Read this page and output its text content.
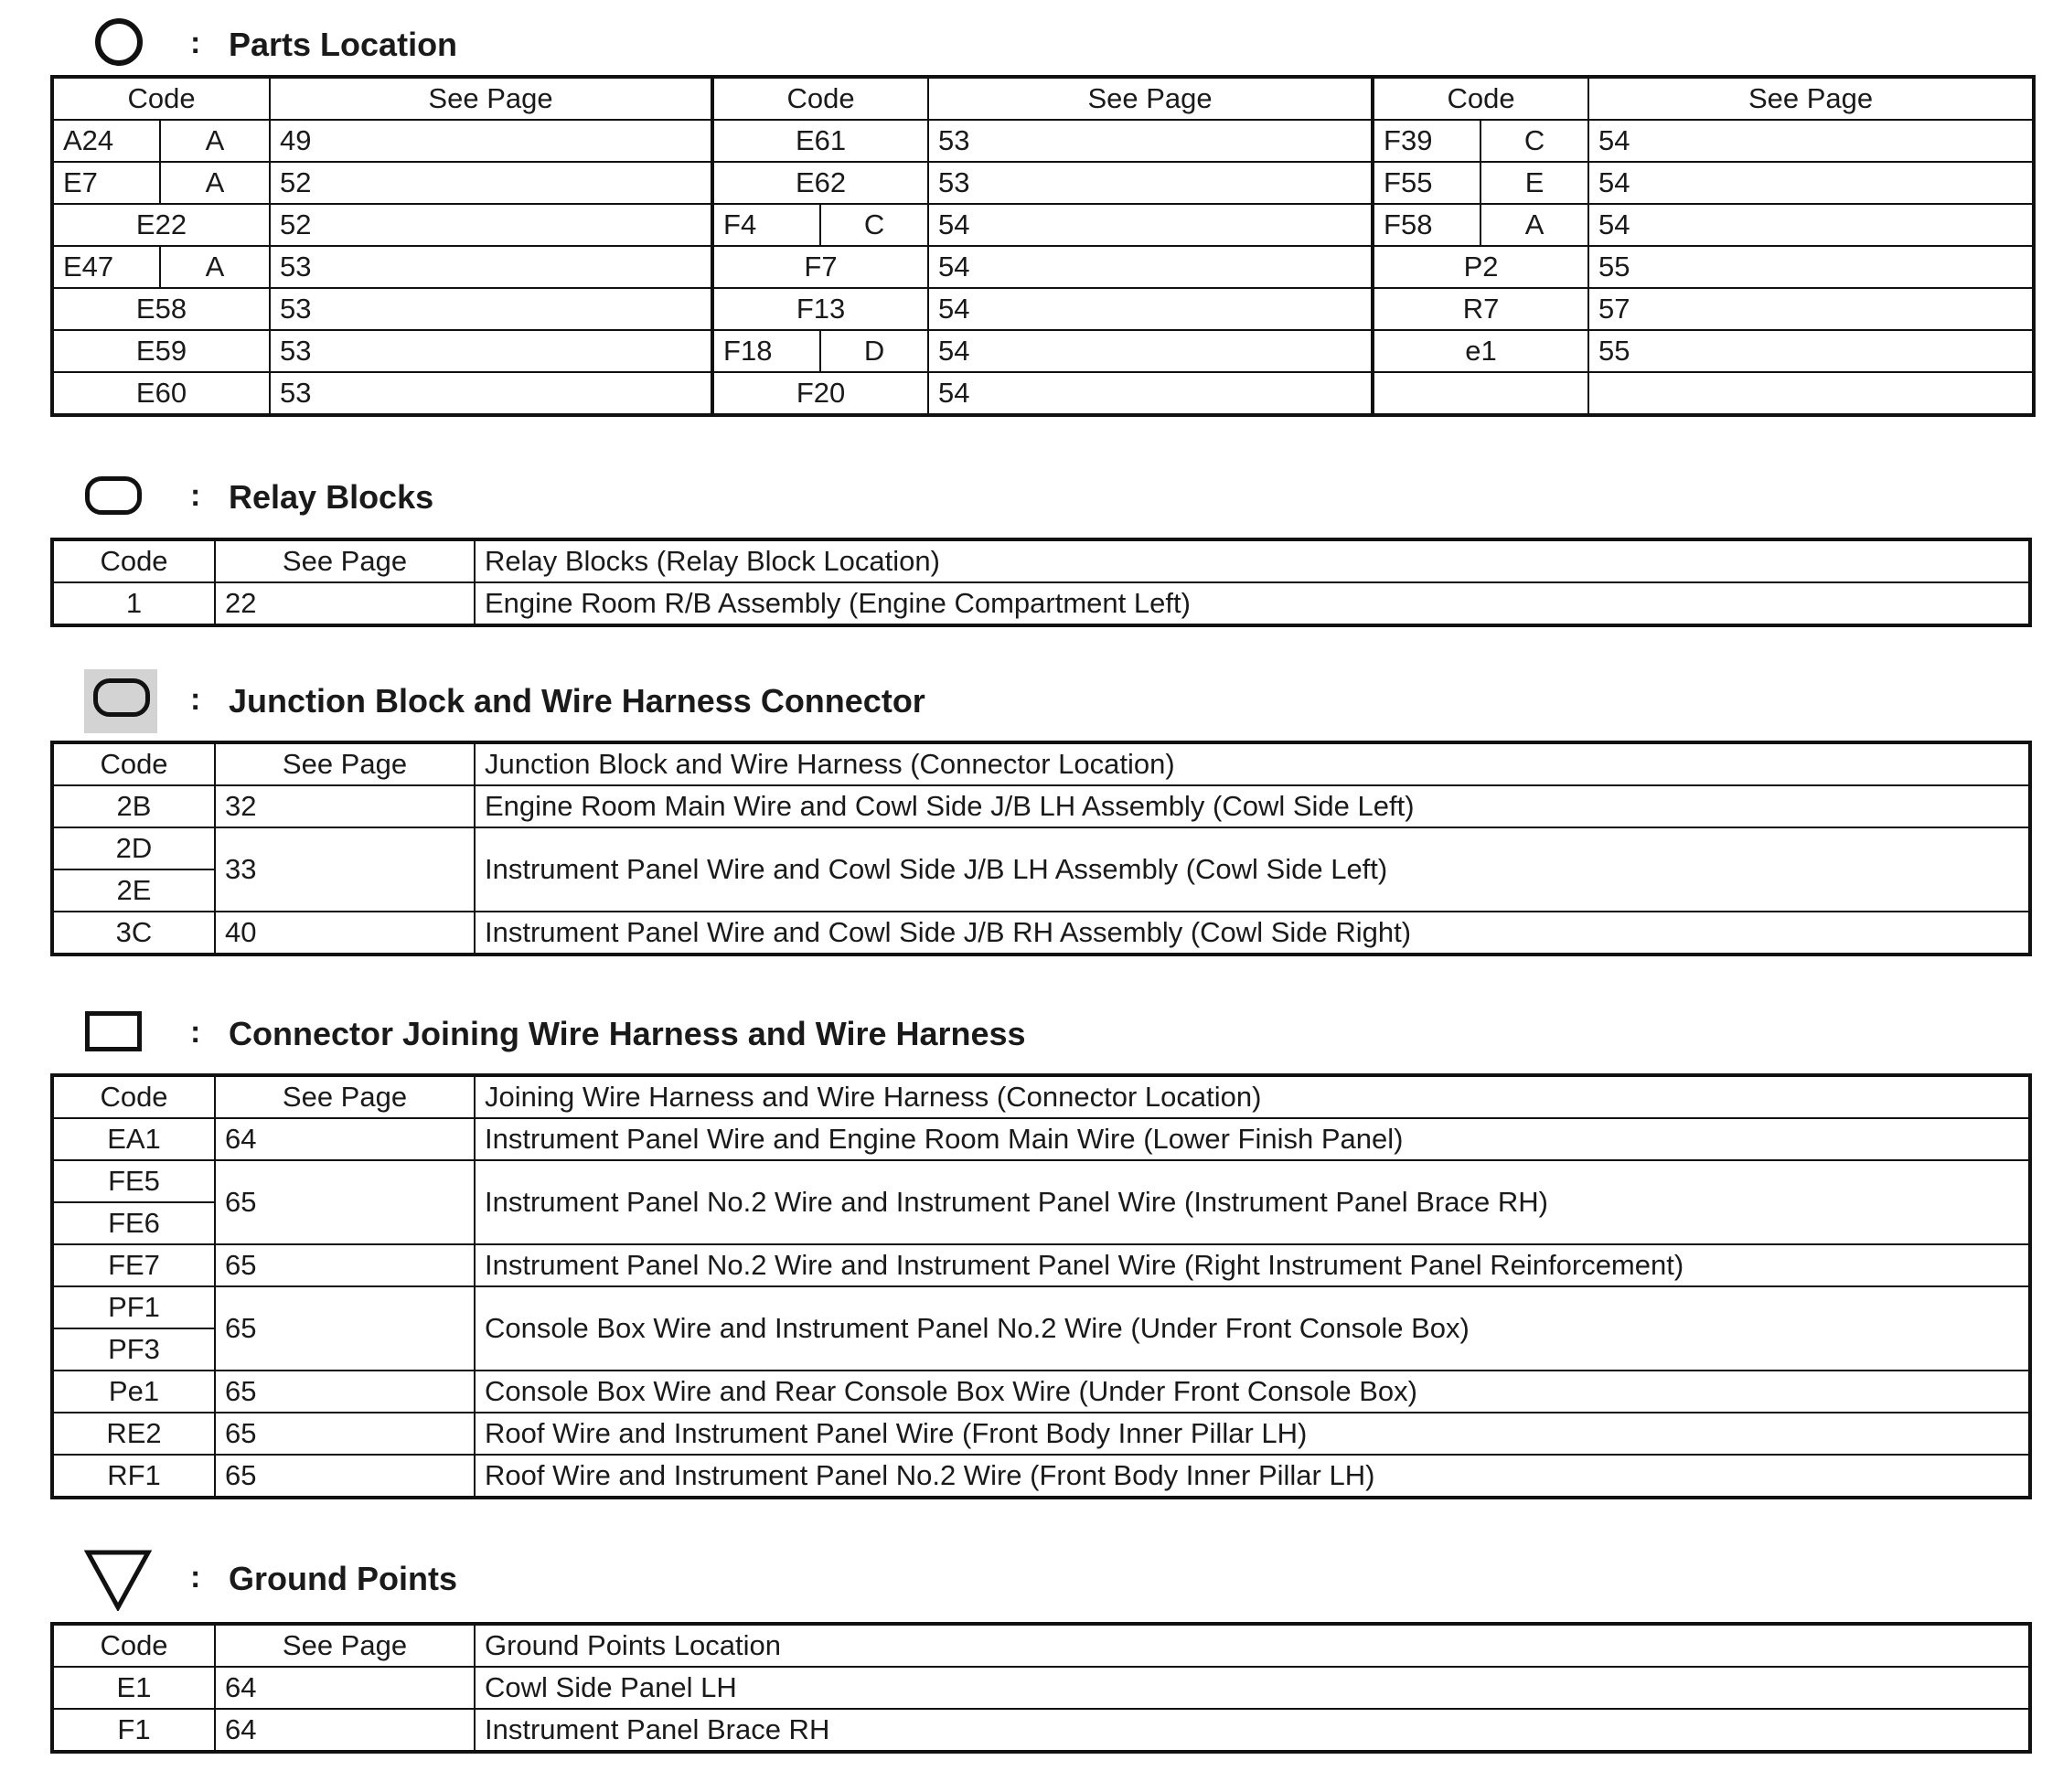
: Parts Location
Code		See Page	Code		See Page	Code		See Page
A24	A	49	E61		53	F39	C	54
E7	A	52	E62		53	F55	E	54
E22		52	F4	C	54	F58	A	54
E47	A	53	F7		54	P2		55
E58		53	F13		54	R7		57
E59		53	F18	D	54	e1		55
E60		53	F20		54			
: Relay Blocks
Code	See Page	Relay Blocks (Relay Block Location)
1	22	Engine Room R/B Assembly (Engine Compartment Left)
: Junction Block and Wire Harness Connector
Code	See Page	Junction Block and Wire Harness (Connector Location)
2B	32	Engine Room Main Wire and Cowl Side J/B LH Assembly (Cowl Side Left)
2D	33	Instrument Panel Wire and Cowl Side J/B LH Assembly (Cowl Side Left)
2E		
3C	40	Instrument Panel Wire and Cowl Side J/B RH Assembly (Cowl Side Right)
: Connector Joining Wire Harness and Wire Harness
Code	See Page	Joining Wire Harness and Wire Harness (Connector Location)
EA1	64	Instrument Panel Wire and Engine Room Main Wire (Lower Finish Panel)
FE5	65	Instrument Panel No.2 Wire and Instrument Panel Wire (Instrument Panel Brace RH)
FE6		
FE7	65	Instrument Panel No.2 Wire and Instrument Panel Wire (Right Instrument Panel Reinforcement)
PF1	65	Console Box Wire and Instrument Panel No.2 Wire (Under Front Console Box)
PF3		
Pe1	65	Console Box Wire and Rear Console Box Wire (Under Front Console Box)
RE2	65	Roof Wire and Instrument Panel Wire (Front Body Inner Pillar LH)
RF1	65	Roof Wire and Instrument Panel No.2 Wire (Front Body Inner Pillar LH)
: Ground Points
Code	See Page	Ground Points Location
E1	64	Cowl Side Panel LH
F1	64	Instrument Panel Brace RH
